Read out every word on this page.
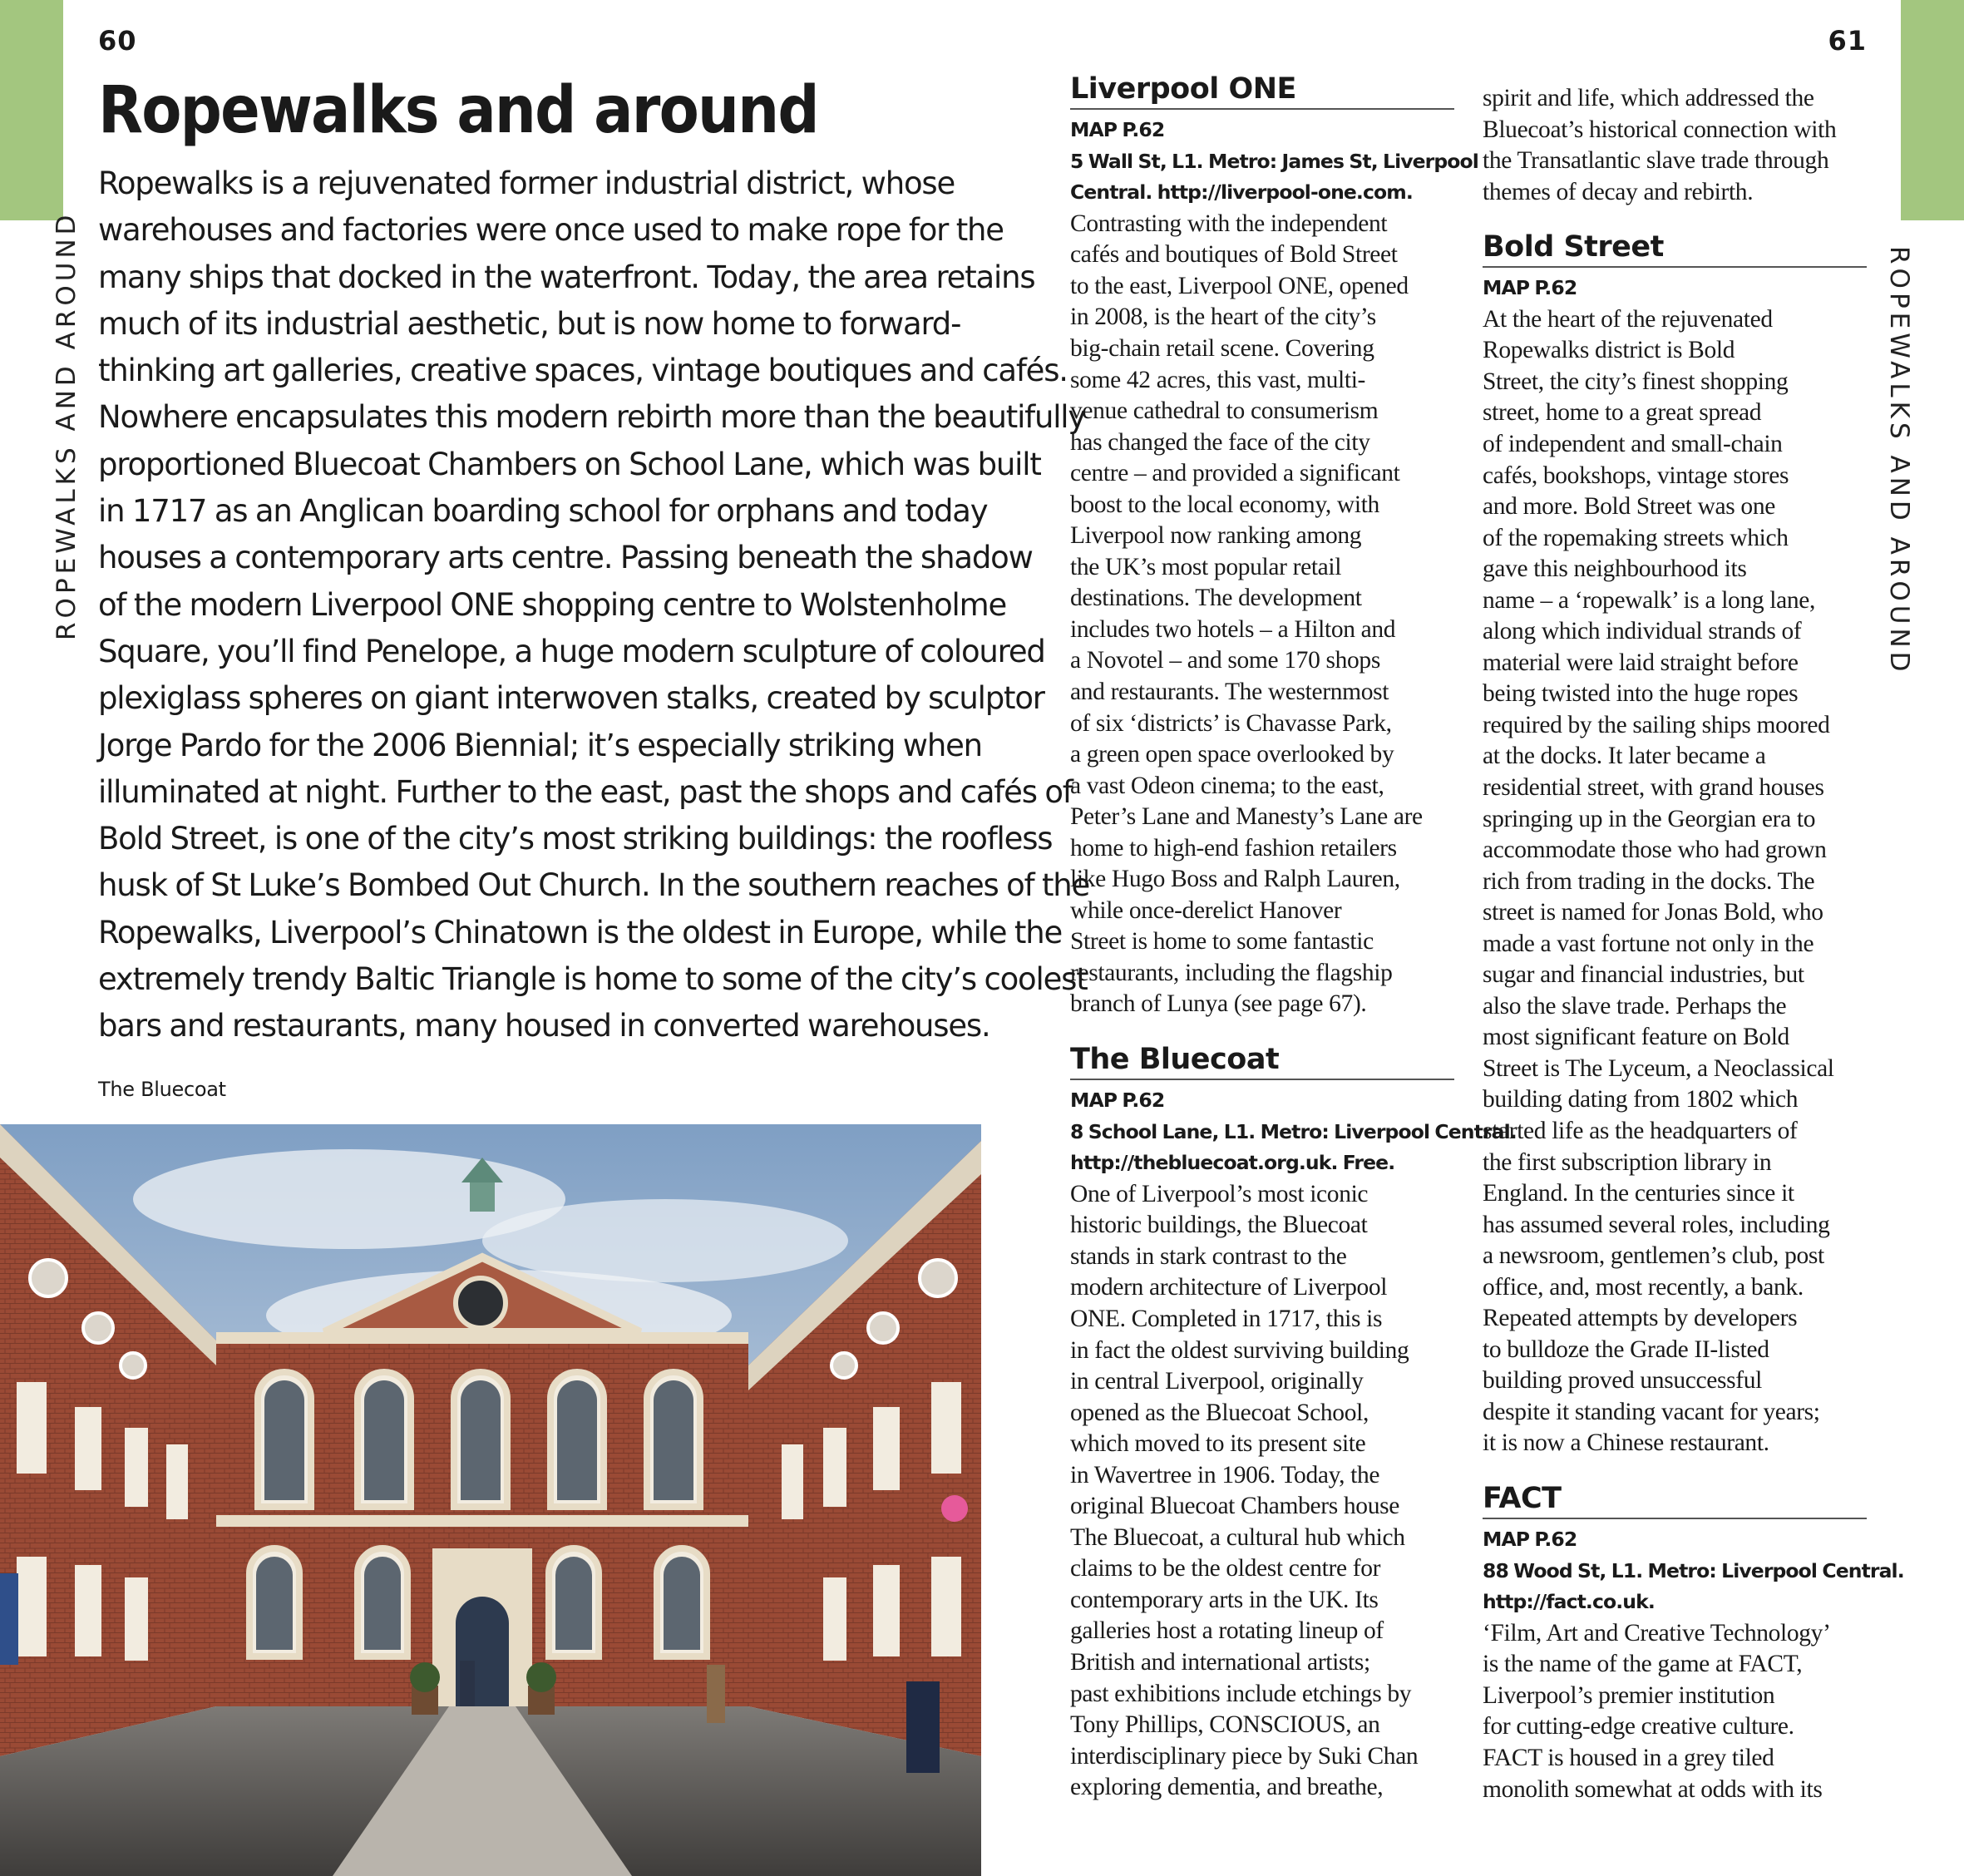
60
ROPEWALKS AND AROUND
Ropewalks and around
Ropewalks is a rejuvenated former industrial district, whose
warehouses and factories were once used to make rope for the
many ships that docked in the waterfront. Today, the area retains
much of its industrial aesthetic, but is now home to forward-
thinking art galleries, creative spaces, vintage boutiques and cafés.
Nowhere encapsulates this modern rebirth more than the beautifully
proportioned Bluecoat Chambers on School Lane, which was built
in 1717 as an Anglican boarding school for orphans and today
houses a contemporary arts centre. Passing beneath the shadow
of the modern Liverpool ONE shopping centre to Wolstenholme
Square, you’ll find Penelope, a huge modern sculpture of coloured
plexiglass spheres on giant interwoven stalks, created by sculptor
Jorge Pardo for the 2006 Biennial; it’s especially striking when
illuminated at night. Further to the east, past the shops and cafés of
Bold Street, is one of the city’s most striking buildings: the roofless
husk of St Luke’s Bombed Out Church. In the southern reaches of the
Ropewalks, Liverpool’s Chinatown is the oldest in Europe, while the
extremely trendy Baltic Triangle is home to some of the city’s coolest
bars and restaurants, many housed in converted warehouses.
The Bluecoat
61
ROPEWALKS AND AROUND
Liverpool ONE
MAP P.62
5 Wall St, L1. Metro: James St, Liverpool
Central. http://liverpool-one.com.
Contrasting with the independent
cafés and boutiques of Bold Street
to the east, Liverpool ONE, opened
in 2008, is the heart of the city’s
big-chain retail scene. Covering
some 42 acres, this vast, multi-
venue cathedral to consumerism
has changed the face of the city
centre – and provided a significant
boost to the local economy, with
Liverpool now ranking among
the UK’s most popular retail
destinations. The development
includes two hotels – a Hilton and
a Novotel – and some 170 shops
and restaurants. The westernmost
of six ‘districts’ is Chavasse Park,
a green open space overlooked by
a vast Odeon cinema; to the east,
Peter’s Lane and Manesty’s Lane are
home to high-end fashion retailers
like Hugo Boss and Ralph Lauren,
while once-derelict Hanover
Street is home to some fantastic
restaurants, including the flagship
branch of Lunya (see page 67).
The Bluecoat
MAP P.62
8 School Lane, L1. Metro: Liverpool Central.
http://thebluecoat.org.uk. Free.
One of Liverpool’s most iconic
historic buildings, the Bluecoat
stands in stark contrast to the
modern architecture of Liverpool
ONE. Completed in 1717, this is
in fact the oldest surviving building
in central Liverpool, originally
opened as the Bluecoat School,
which moved to its present site
in Wavertree in 1906. Today, the
original Bluecoat Chambers house
The Bluecoat, a cultural hub which
claims to be the oldest centre for
contemporary arts in the UK. Its
galleries host a rotating lineup of
British and international artists;
past exhibitions include etchings by
Tony Phillips, CONSCIOUS, an
interdisciplinary piece by Suki Chan
exploring dementia, and breathe,
spirit and life, which addressed the
Bluecoat’s historical connection with
the Transatlantic slave trade through
themes of decay and rebirth.
Bold Street
MAP P.62
At the heart of the rejuvenated
Ropewalks district is Bold
Street, the city’s finest shopping
street, home to a great spread
of independent and small-chain
cafés, bookshops, vintage stores
and more. Bold Street was one
of the ropemaking streets which
gave this neighbourhood its
name – a ‘ropewalk’ is a long lane,
along which individual strands of
material were laid straight before
being twisted into the huge ropes
required by the sailing ships moored
at the docks. It later became a
residential street, with grand houses
springing up in the Georgian era to
accommodate those who had grown
rich from trading in the docks. The
street is named for Jonas Bold, who
made a vast fortune not only in the
sugar and financial industries, but
also the slave trade. Perhaps the
most significant feature on Bold
Street is The Lyceum, a Neoclassical
building dating from 1802 which
started life as the headquarters of
the first subscription library in
England. In the centuries since it
has assumed several roles, including
a newsroom, gentlemen’s club, post
office, and, most recently, a bank.
Repeated attempts by developers
to bulldoze the Grade II-listed
building proved unsuccessful
despite it standing vacant for years;
it is now a Chinese restaurant.
FACT
MAP P.62
88 Wood St, L1. Metro: Liverpool Central.
http://fact.co.uk.
‘Film, Art and Creative Technology’
is the name of the game at FACT,
Liverpool’s premier institution
for cutting-edge creative culture.
FACT is housed in a grey tiled
monolith somewhat at odds with its
